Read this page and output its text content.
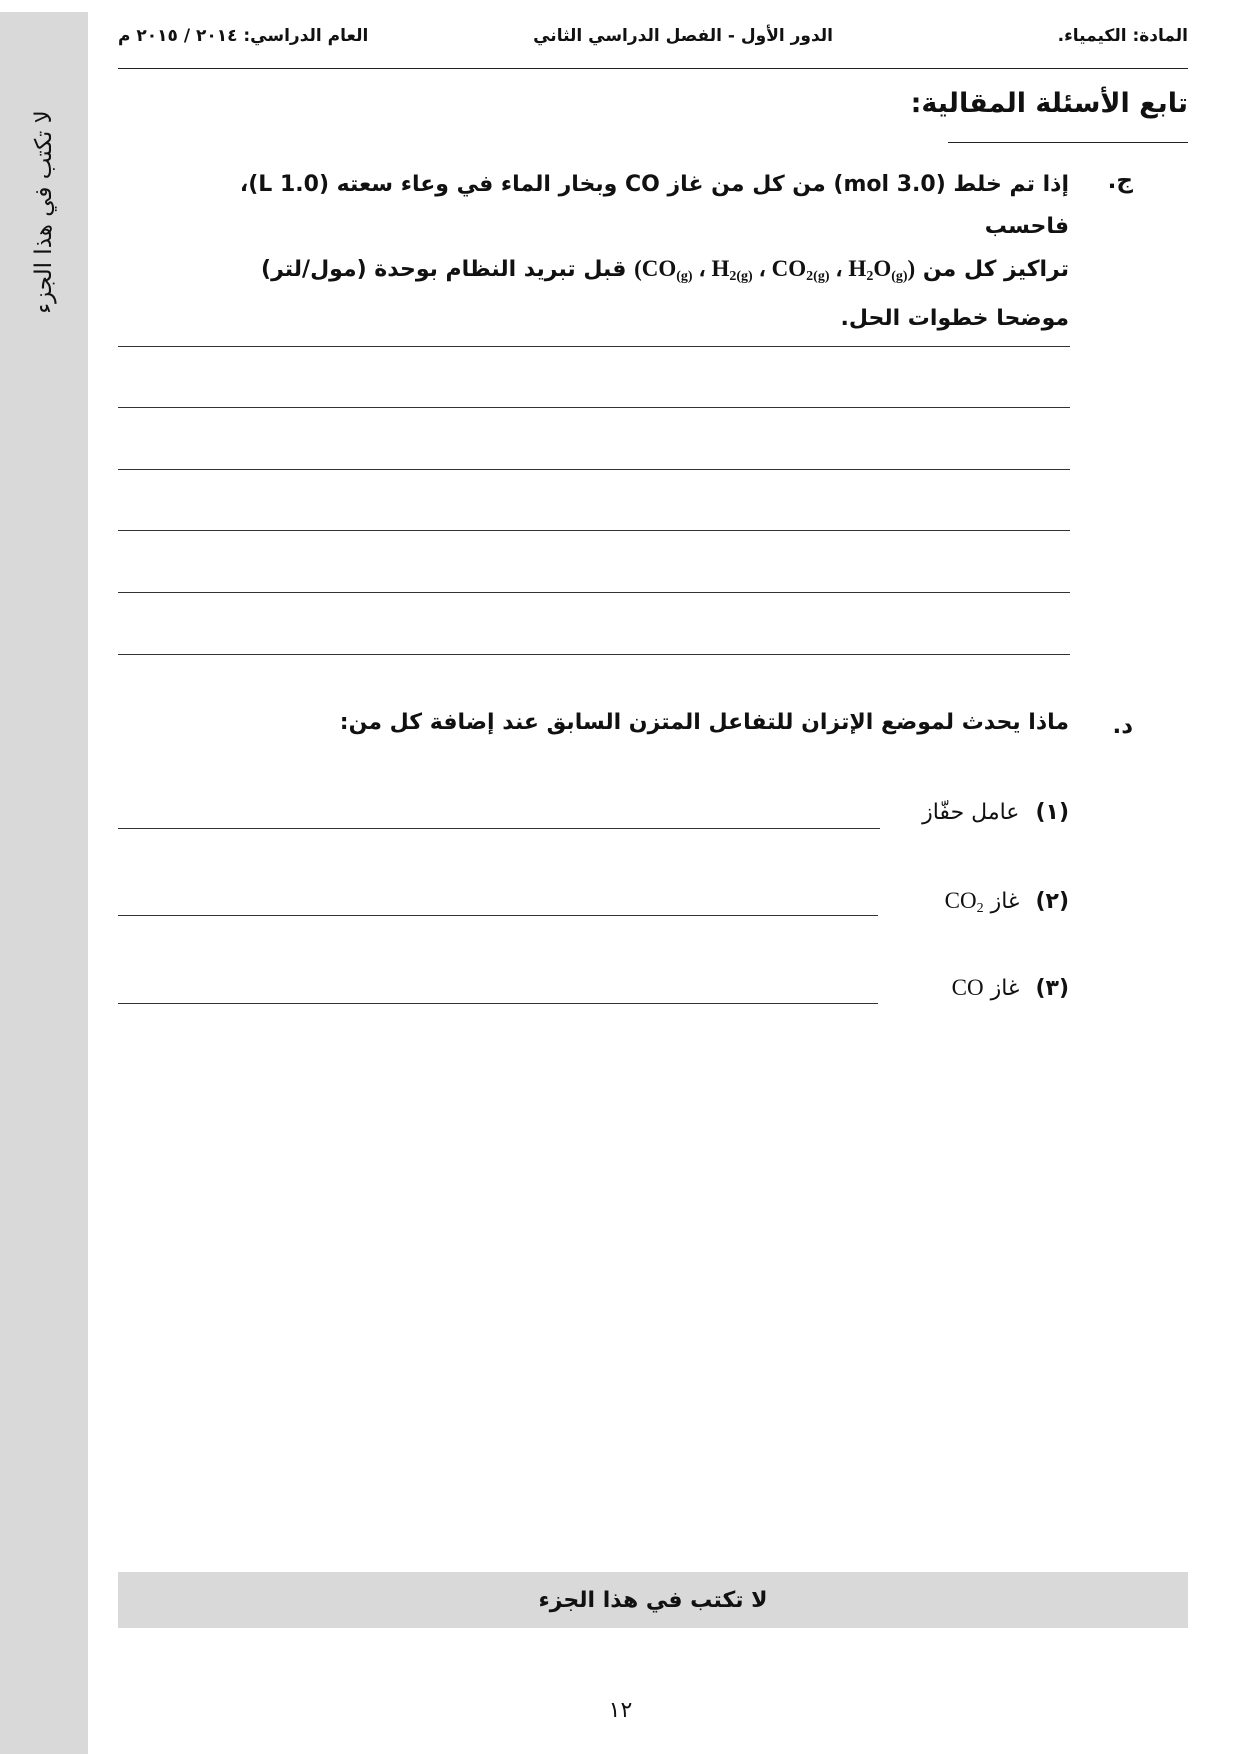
لا تكتب في هذا الجزء
المادة: الكيمياء.
الدور الأول - الفصل الدراسي الثاني
العام الدراسي: ٢٠١٤ / ٢٠١٥ م
تابع الأسئلة المقالية:
ج.
إذا تم خلط (3.0 mol) من كل من غاز CO وبخار الماء في وعاء سعته (1.0 L)، فاحسب
تراكيز كل من ($CO_{(g)}$ ، $H_{2(g)}$ ، $CO_{2(g)}$ ، $H_2O_{(g)}$) قبل تبريد النظام بوحدة (مول/لتر)
موضحا خطوات الحل.
د.
ماذا يحدث لموضع الإتزان للتفاعل المتزن السابق عند إضافة كل من:
(١)عامل حفّاز
(٢)غاز $CO_2$
(٣)غاز CO
لا تكتب في هذا الجزء
١٢
